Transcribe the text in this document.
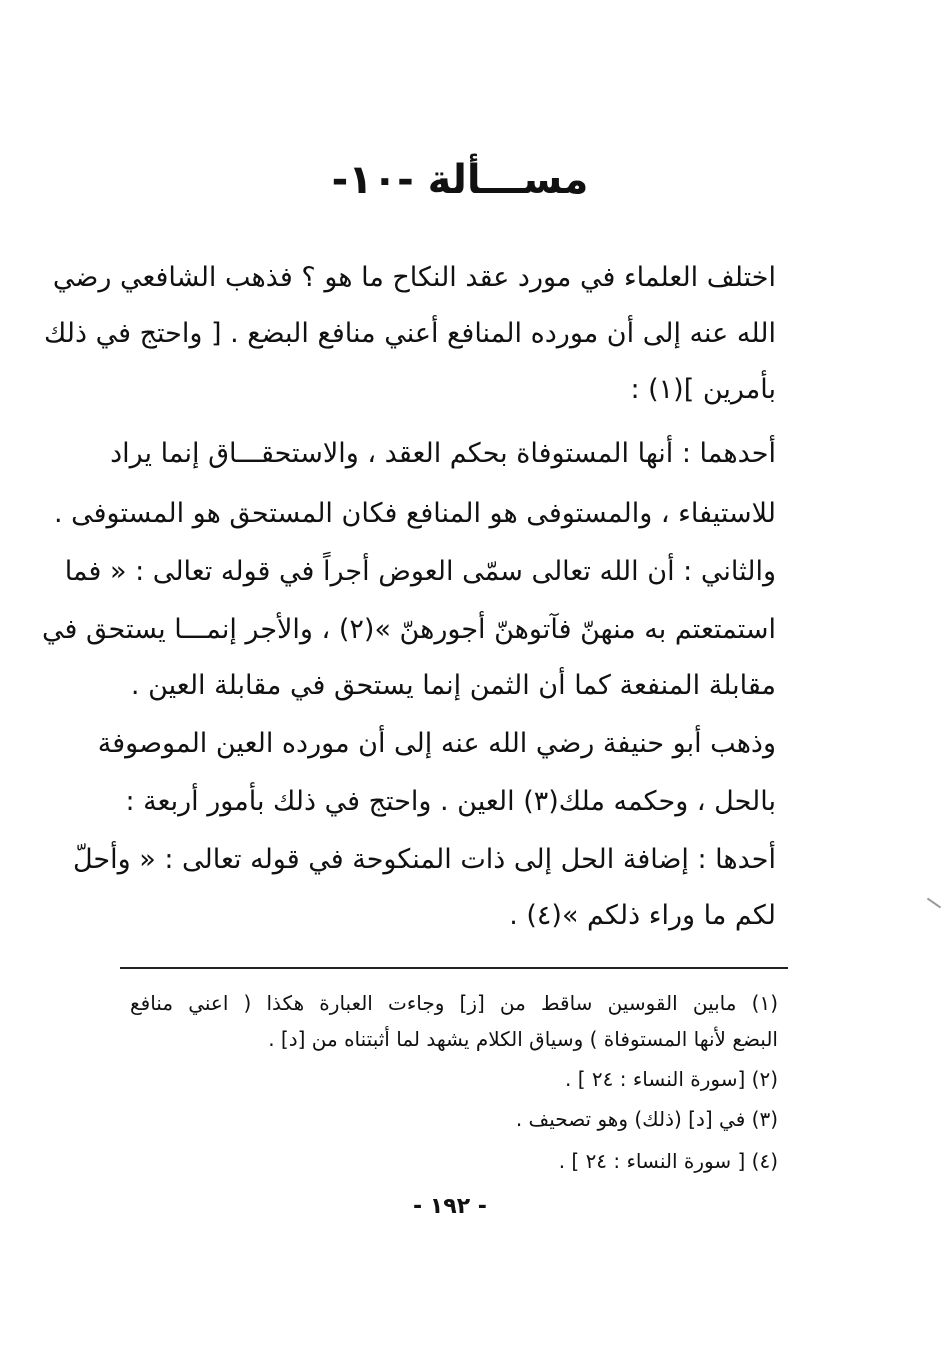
مســـألة -١٠-
اختلف العلماء في مورد عقد النكاح ما هو ؟ فذهب الشافعي رضي
الله عنه إلى أن مورده المنافع أعني منافع البضع . [ واحتج في ذلك
بأمرين ](١) :
أحدهما : أنها المستوفاة بحكم العقد ، والاستحقـــاق إنما يراد
للاستيفاء ، والمستوفى هو المنافع فكان المستحق هو المستوفى .
والثاني : أن الله تعالى سمّى العوض أجراً في قوله تعالى : « فما
استمتعتم به منهنّ فآتوهنّ أجورهنّ »(٢) ، والأجر إنمـــا يستحق في
مقابلة المنفعة كما أن الثمن إنما يستحق في مقابلة العين .
وذهب أبو حنيفة رضي الله عنه إلى أن مورده العين الموصوفة
بالحل ، وحكمه ملك(٣) العين . واحتج في ذلك بأمور أربعة :
أحدها : إضافة الحل إلى ذات المنكوحة في قوله تعالى : « وأحلّ
لكم ما وراء ذلكم »(٤) .
(١) مابين القوسين ساقط من [ز] وجاءت العبارة هكذا ( اعني منافع
البضع لأنها المستوفاة ) وسياق الكلام يشهد لما أثبتناه من [د] .
(٢) [سورة النساء : ٢٤ ] .
(٣) في [د] (ذلك) وهو تصحيف .
(٤) [ سورة النساء : ٢٤ ] .
- ١٩٢ -
